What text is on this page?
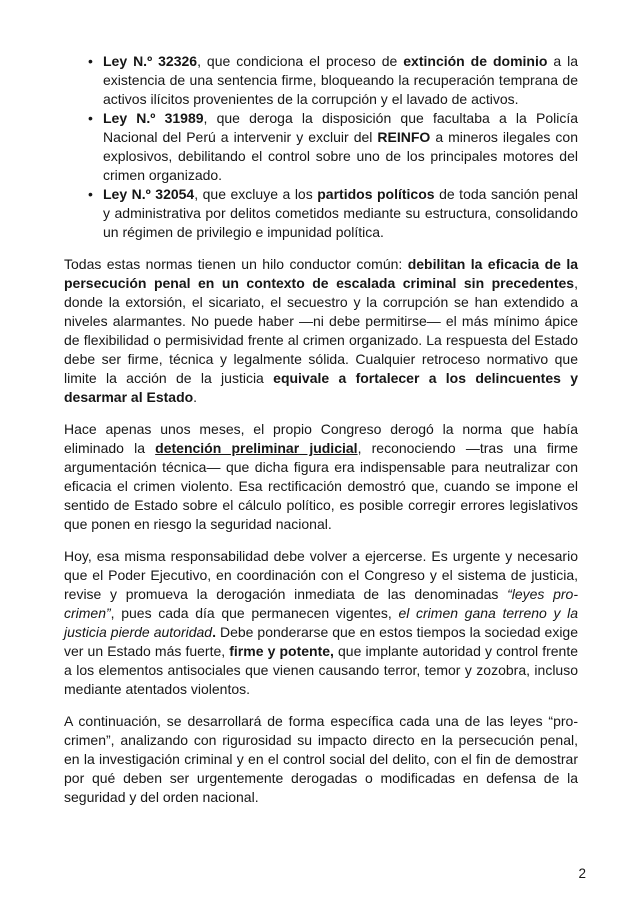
• Ley N.º 32326, que condiciona el proceso de extinción de dominio a la existencia de una sentencia firme, bloqueando la recuperación temprana de activos ilícitos provenientes de la corrupción y el lavado de activos.
• Ley N.º 31989, que deroga la disposición que facultaba a la Policía Nacional del Perú a intervenir y excluir del REINFO a mineros ilegales con explosivos, debilitando el control sobre uno de los principales motores del crimen organizado.
• Ley N.º 32054, que excluye a los partidos políticos de toda sanción penal y administrativa por delitos cometidos mediante su estructura, consolidando un régimen de privilegio e impunidad política.

Todas estas normas tienen un hilo conductor común: debilitan la eficacia de la persecución penal en un contexto de escalada criminal sin precedentes, donde la extorsión, el sicariato, el secuestro y la corrupción se han extendido a niveles alarmantes. No puede haber —ni debe permitirse— el más mínimo ápice de flexibilidad o permisividad frente al crimen organizado. La respuesta del Estado debe ser firme, técnica y legalmente sólida. Cualquier retroceso normativo que limite la acción de la justicia equivale a fortalecer a los delincuentes y desarmar al Estado.

Hace apenas unos meses, el propio Congreso derogó la norma que había eliminado la detención preliminar judicial, reconociendo —tras una firme argumentación técnica— que dicha figura era indispensable para neutralizar con eficacia el crimen violento. Esa rectificación demostró que, cuando se impone el sentido de Estado sobre el cálculo político, es posible corregir errores legislativos que ponen en riesgo la seguridad nacional.

Hoy, esa misma responsabilidad debe volver a ejercerse. Es urgente y necesario que el Poder Ejecutivo, en coordinación con el Congreso y el sistema de justicia, revise y promueva la derogación inmediata de las denominadas “leyes pro-crimen”, pues cada día que permanecen vigentes, el crimen gana terreno y la justicia pierde autoridad. Debe ponderarse que en estos tiempos la sociedad exige ver un Estado más fuerte, firme y potente, que implante autoridad y control frente a los elementos antisociales que vienen causando terror, temor y zozobra, incluso mediante atentados violentos.

A continuación, se desarrollará de forma específica cada una de las leyes “pro-crimen”, analizando con rigurosidad su impacto directo en la persecución penal, en la investigación criminal y en el control social del delito, con el fin de demostrar por qué deben ser urgentemente derogadas o modificadas en defensa de la seguridad y del orden nacional.

2
